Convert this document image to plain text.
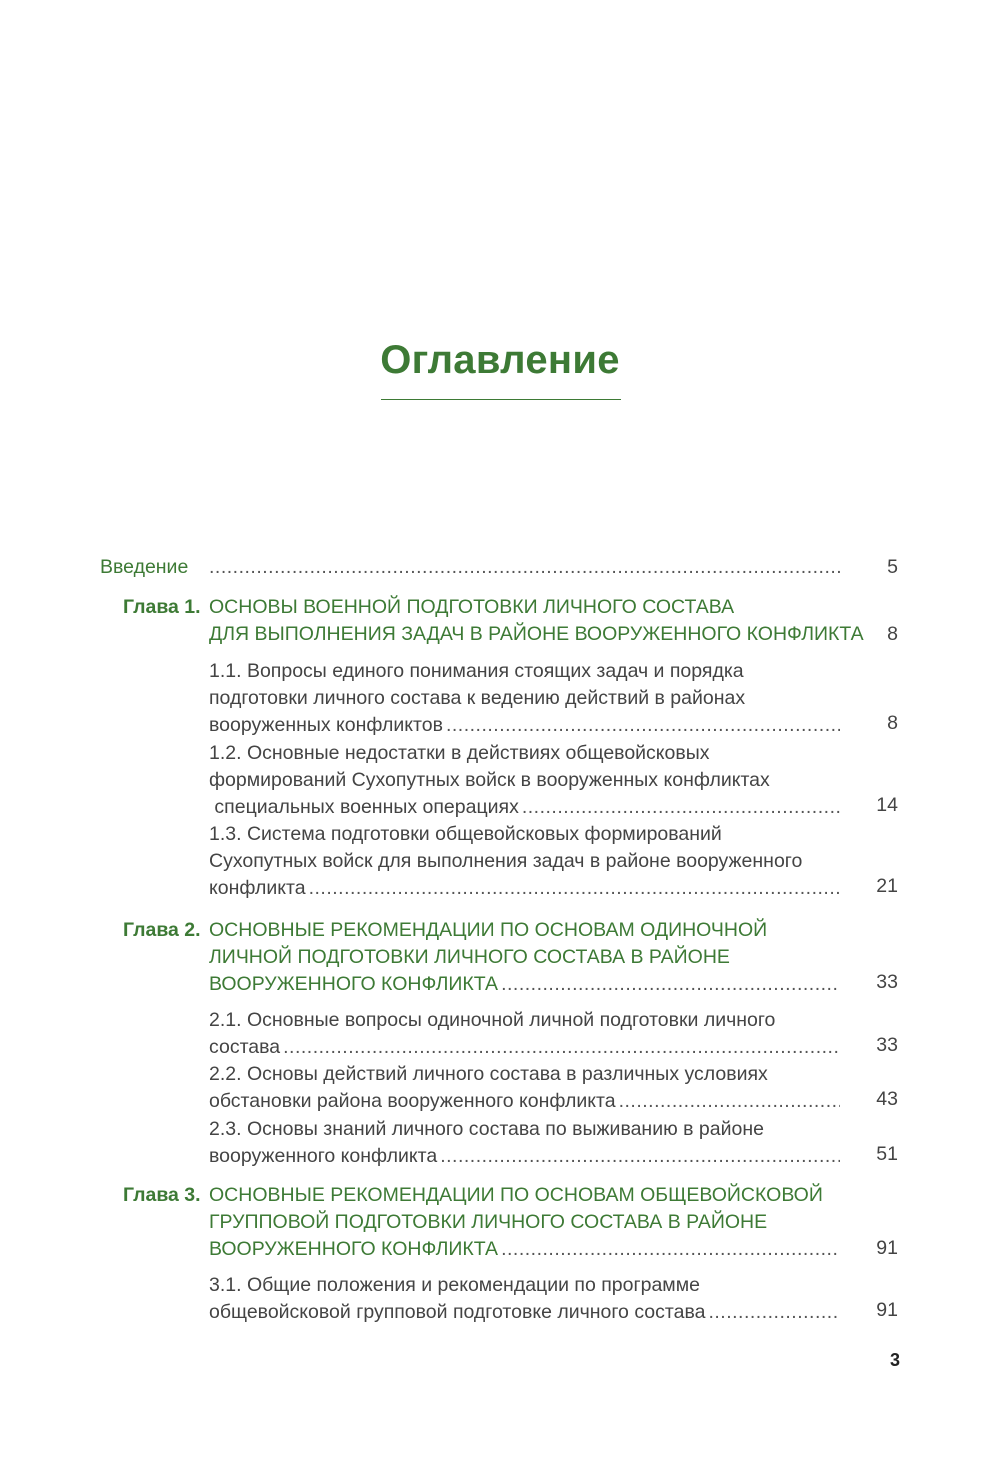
Оглавление
Введение .....	5
Глава 1. ОСНОВЫ ВОЕННОЙ ПОДГОТОВКИ ЛИЧНОГО СОСТАВА
ДЛЯ ВЫПОЛНЕНИЯ ЗАДАЧ В РАЙОНЕ ВООРУЖЕННОГО КОНФЛИКТА	8
1.1. Вопросы единого понимания стоящих задач и порядка
подготовки личного состава к ведению действий в районах
вооруженных конфликтов .....	8
1.2. Основные недостатки в действиях общевойсковых
формирований Сухопутных войск в вооруженных конфликтах
специальных военных операциях .....	14
1.3. Система подготовки общевойсковых формирований
Сухопутных войск для выполнения задач в районе вооруженного
конфликта .....	21
Глава 2. ОСНОВНЫЕ РЕКОМЕНДАЦИИ ПО ОСНОВАМ ОДИНОЧНОЙ
ЛИЧНОЙ ПОДГОТОВКИ ЛИЧНОГО СОСТАВА В РАЙОНЕ
ВООРУЖЕННОГО КОНФЛИКТА .....	33
2.1. Основные вопросы одиночной личной подготовки личного
состава .....	33
2.2. Основы действий личного состава в различных условиях
обстановки района вооруженного конфликта .....	43
2.3. Основы знаний личного состава по выживанию в районе
вооруженного конфликта .....	51
Глава 3. ОСНОВНЫЕ РЕКОМЕНДАЦИИ ПО ОСНОВАМ ОБЩЕВОЙСКОВОЙ
ГРУППОВОЙ ПОДГОТОВКИ ЛИЧНОГО СОСТАВА В РАЙОНЕ
ВООРУЖЕННОГО КОНФЛИКТА .....	91
3.1. Общие положения и рекомендации по программе
общевойсковой групповой подготовке личного состава .....	91
3
